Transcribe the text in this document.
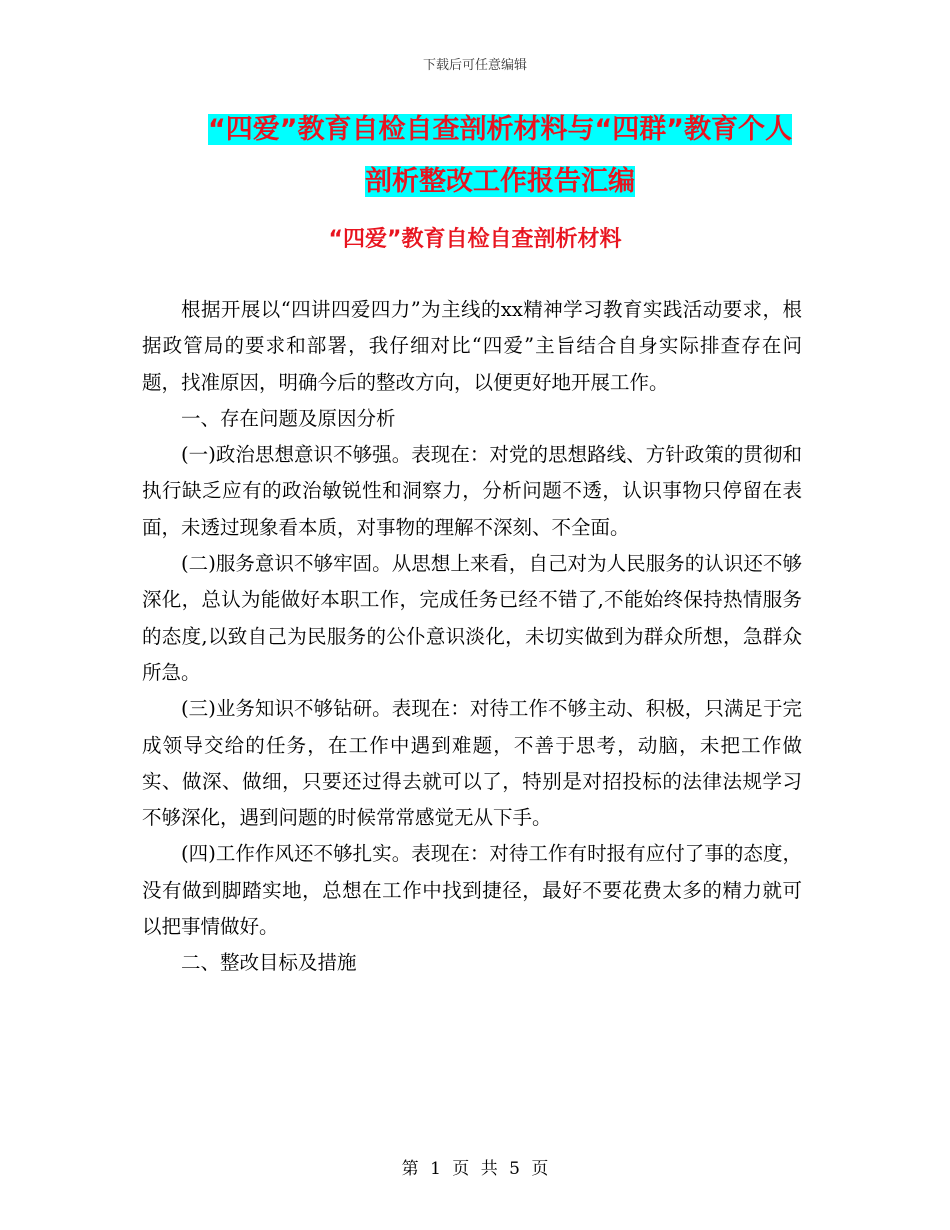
下载后可任意编辑
“四爱”教育自检自查剖析材料与“四群”教育个人
剖析整改工作报告汇编
“四爱”教育自检自查剖析材料

根据开展以“四讲四爱四力”为主线的xx精神学习教育实践活动要求，根据政管局的要求和部署，我仔细对比“四爱”主旨结合自身实际排查存在问题，找准原因，明确今后的整改方向，以便更好地开展工作。

一、存在问题及原因分析

(一)政治思想意识不够强。表现在：对党的思想路线、方针政策的贯彻和执行缺乏应有的政治敏锐性和洞察力，分析问题不透，认识事物只停留在表面，未透过现象看本质，对事物的理解不深刻、不全面。

(二)服务意识不够牢固。从思想上来看，自己对为人民服务的认识还不够深化，总认为能做好本职工作，完成任务已经不错了,不能始终保持热情服务的态度,以致自己为民服务的公仆意识淡化，未切实做到为群众所想，急群众所急。

(三)业务知识不够钻研。表现在：对待工作不够主动、积极，只满足于完成领导交给的任务，在工作中遇到难题，不善于思考，动脑，未把工作做实、做深、做细，只要还过得去就可以了，特别是对招投标的法律法规学习不够深化，遇到问题的时候常常感觉无从下手。

(四)工作作风还不够扎实。表现在：对待工作有时报有应付了事的态度，没有做到脚踏实地，总想在工作中找到捷径，最好不要花费太多的精力就可以把事情做好。

二、整改目标及措施

第 1 页 共 5 页
